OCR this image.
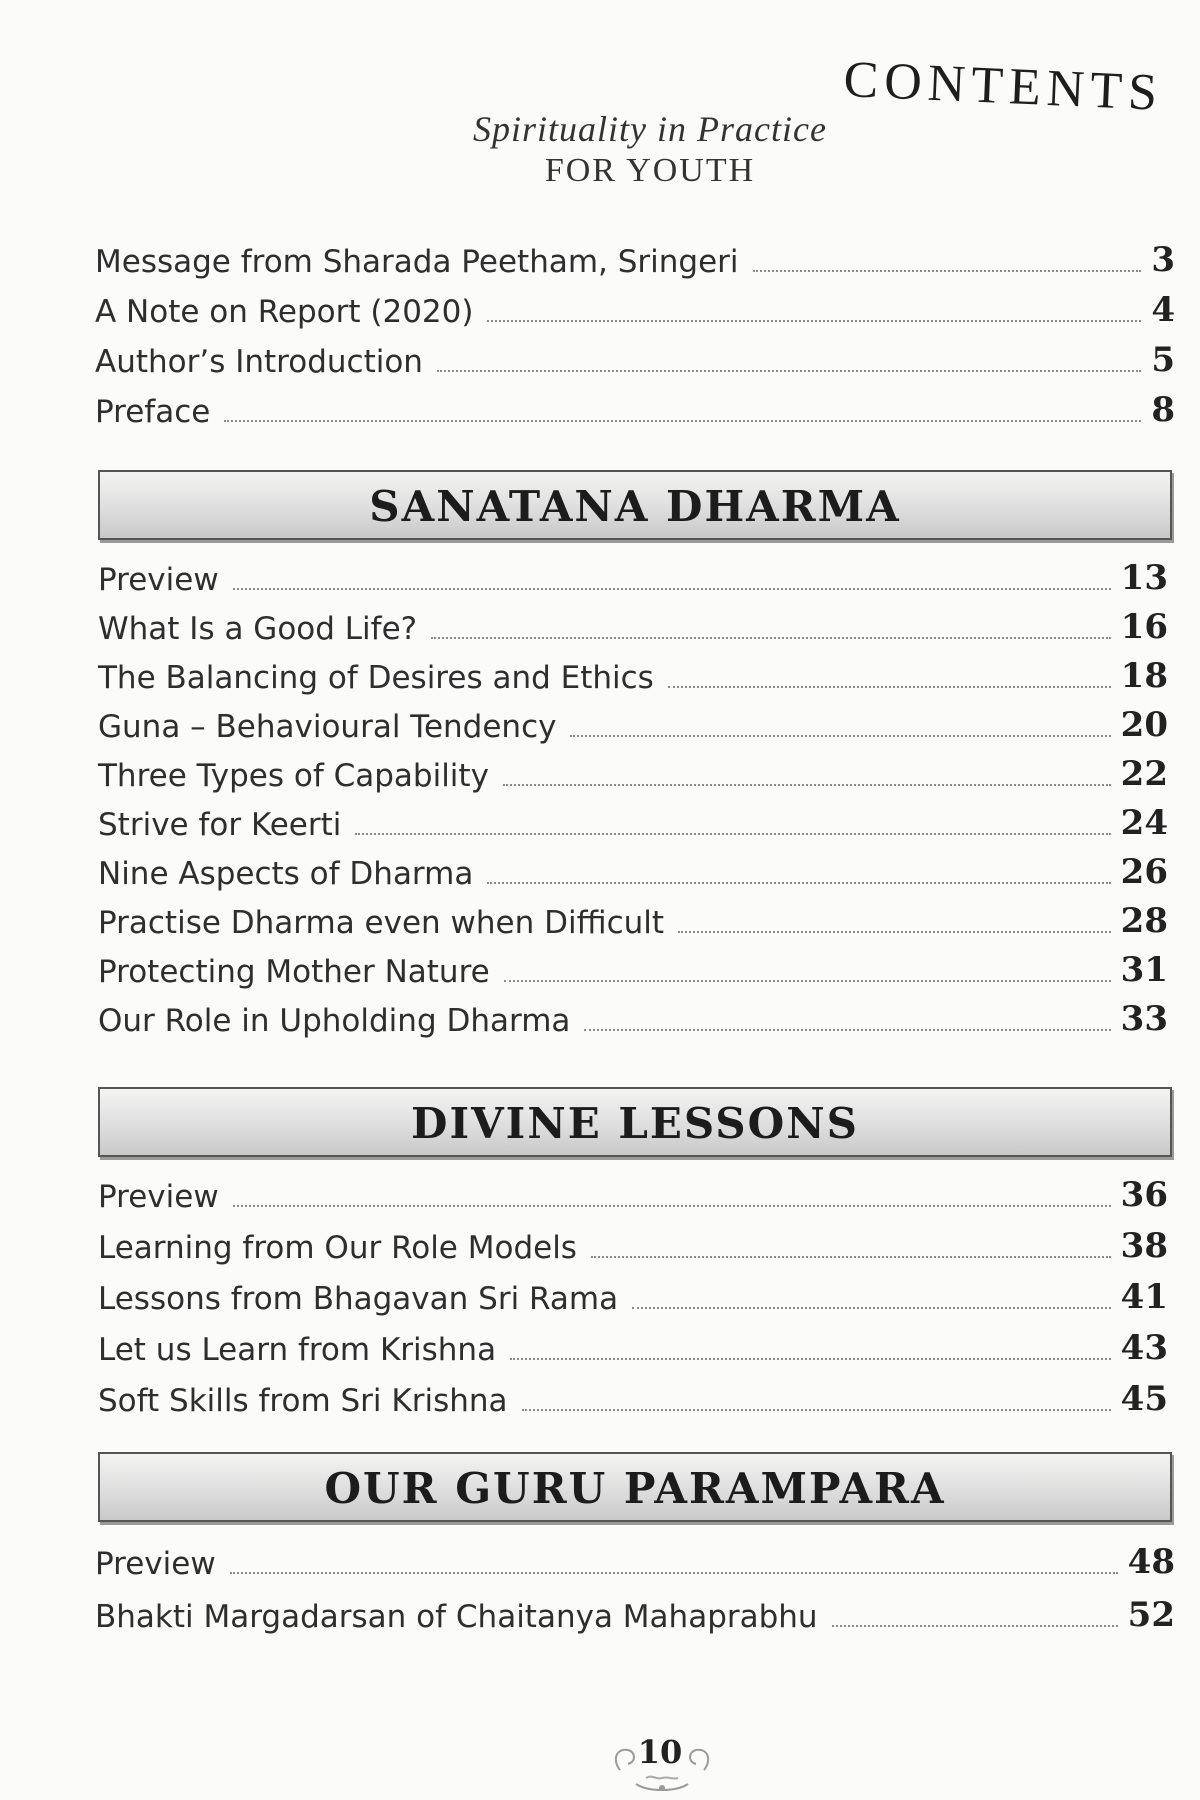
CONTENTS
Spirituality in Practice
FOR YOUTH
Message from Sharada Peetham, Sringeri	3
A Note on Report (2020)	4
Author’s Introduction	5
Preface	8
SANATANA DHARMA
Preview	13
What Is a Good Life?	16
The Balancing of Desires and Ethics	18
Guna – Behavioural Tendency	20
Three Types of Capability	22
Strive for Keerti	24
Nine Aspects of Dharma	26
Practise Dharma even when Difficult	28
Protecting Mother Nature	31
Our Role in Upholding Dharma	33
DIVINE LESSONS
Preview	36
Learning from Our Role Models	38
Lessons from Bhagavan Sri Rama	41
Let us Learn from Krishna	43
Soft Skills from Sri Krishna	45
OUR GURU PARAMPARA
Preview	48
Bhakti Margadarsan of Chaitanya Mahaprabhu	52
10
